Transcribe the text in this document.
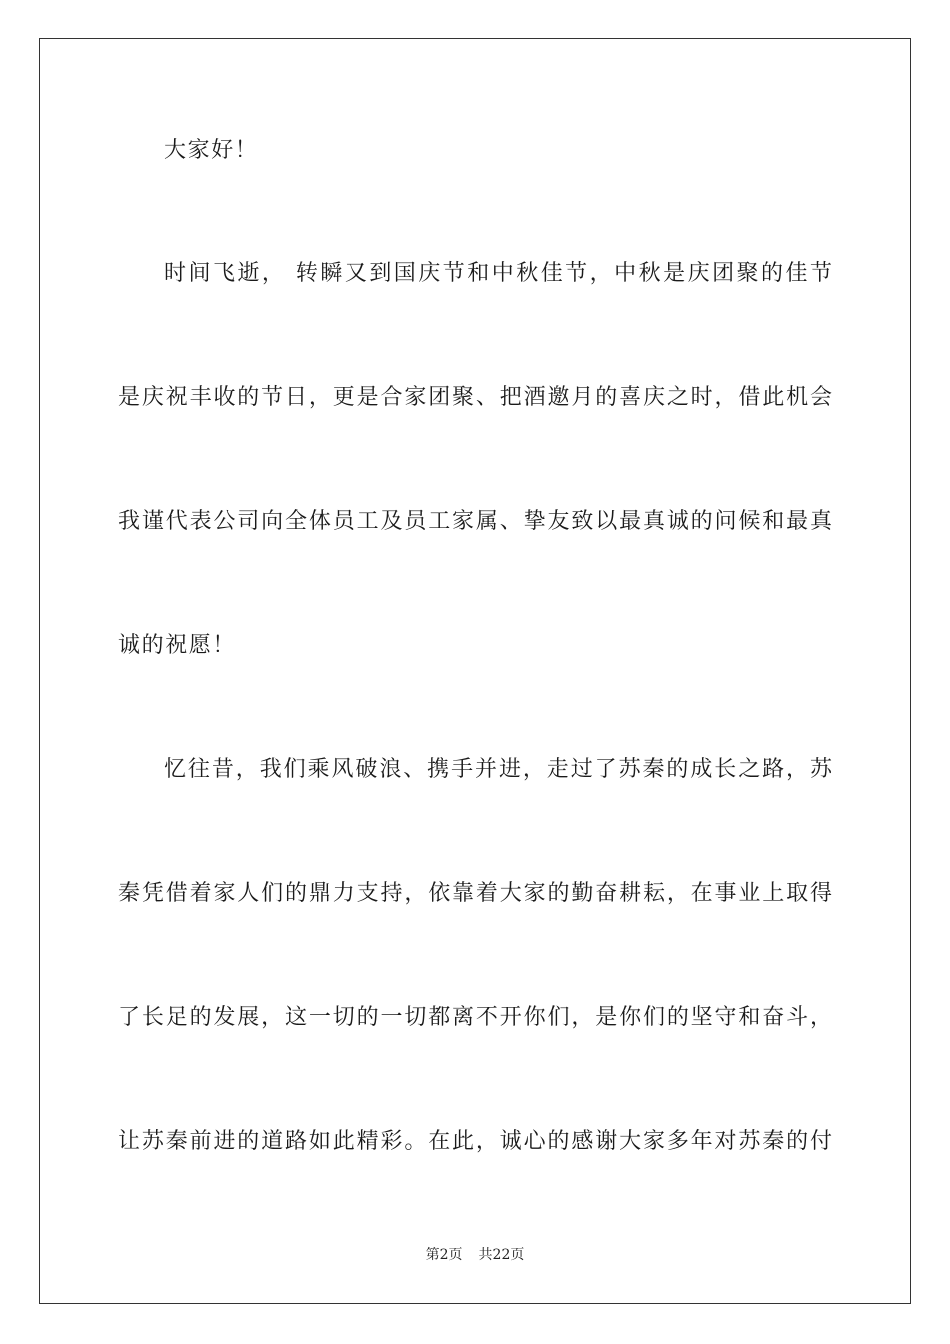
大家好！
时间飞逝， 转瞬又到国庆节和中秋佳节，中秋是庆团聚的佳节
是庆祝丰收的节日，更是合家团聚、把酒邀月的喜庆之时，借此机会
我谨代表公司向全体员工及员工家属、挚友致以最真诚的问候和最真
诚的祝愿！
忆往昔，我们乘风破浪、携手并进，走过了苏秦的成长之路，苏
秦凭借着家人们的鼎力支持，依靠着大家的勤奋耕耘，在事业上取得
了长足的发展，这一切的一切都离不开你们，是你们的坚守和奋斗，
让苏秦前进的道路如此精彩。在此，诚心的感谢大家多年对苏秦的付
第2页 共22页
